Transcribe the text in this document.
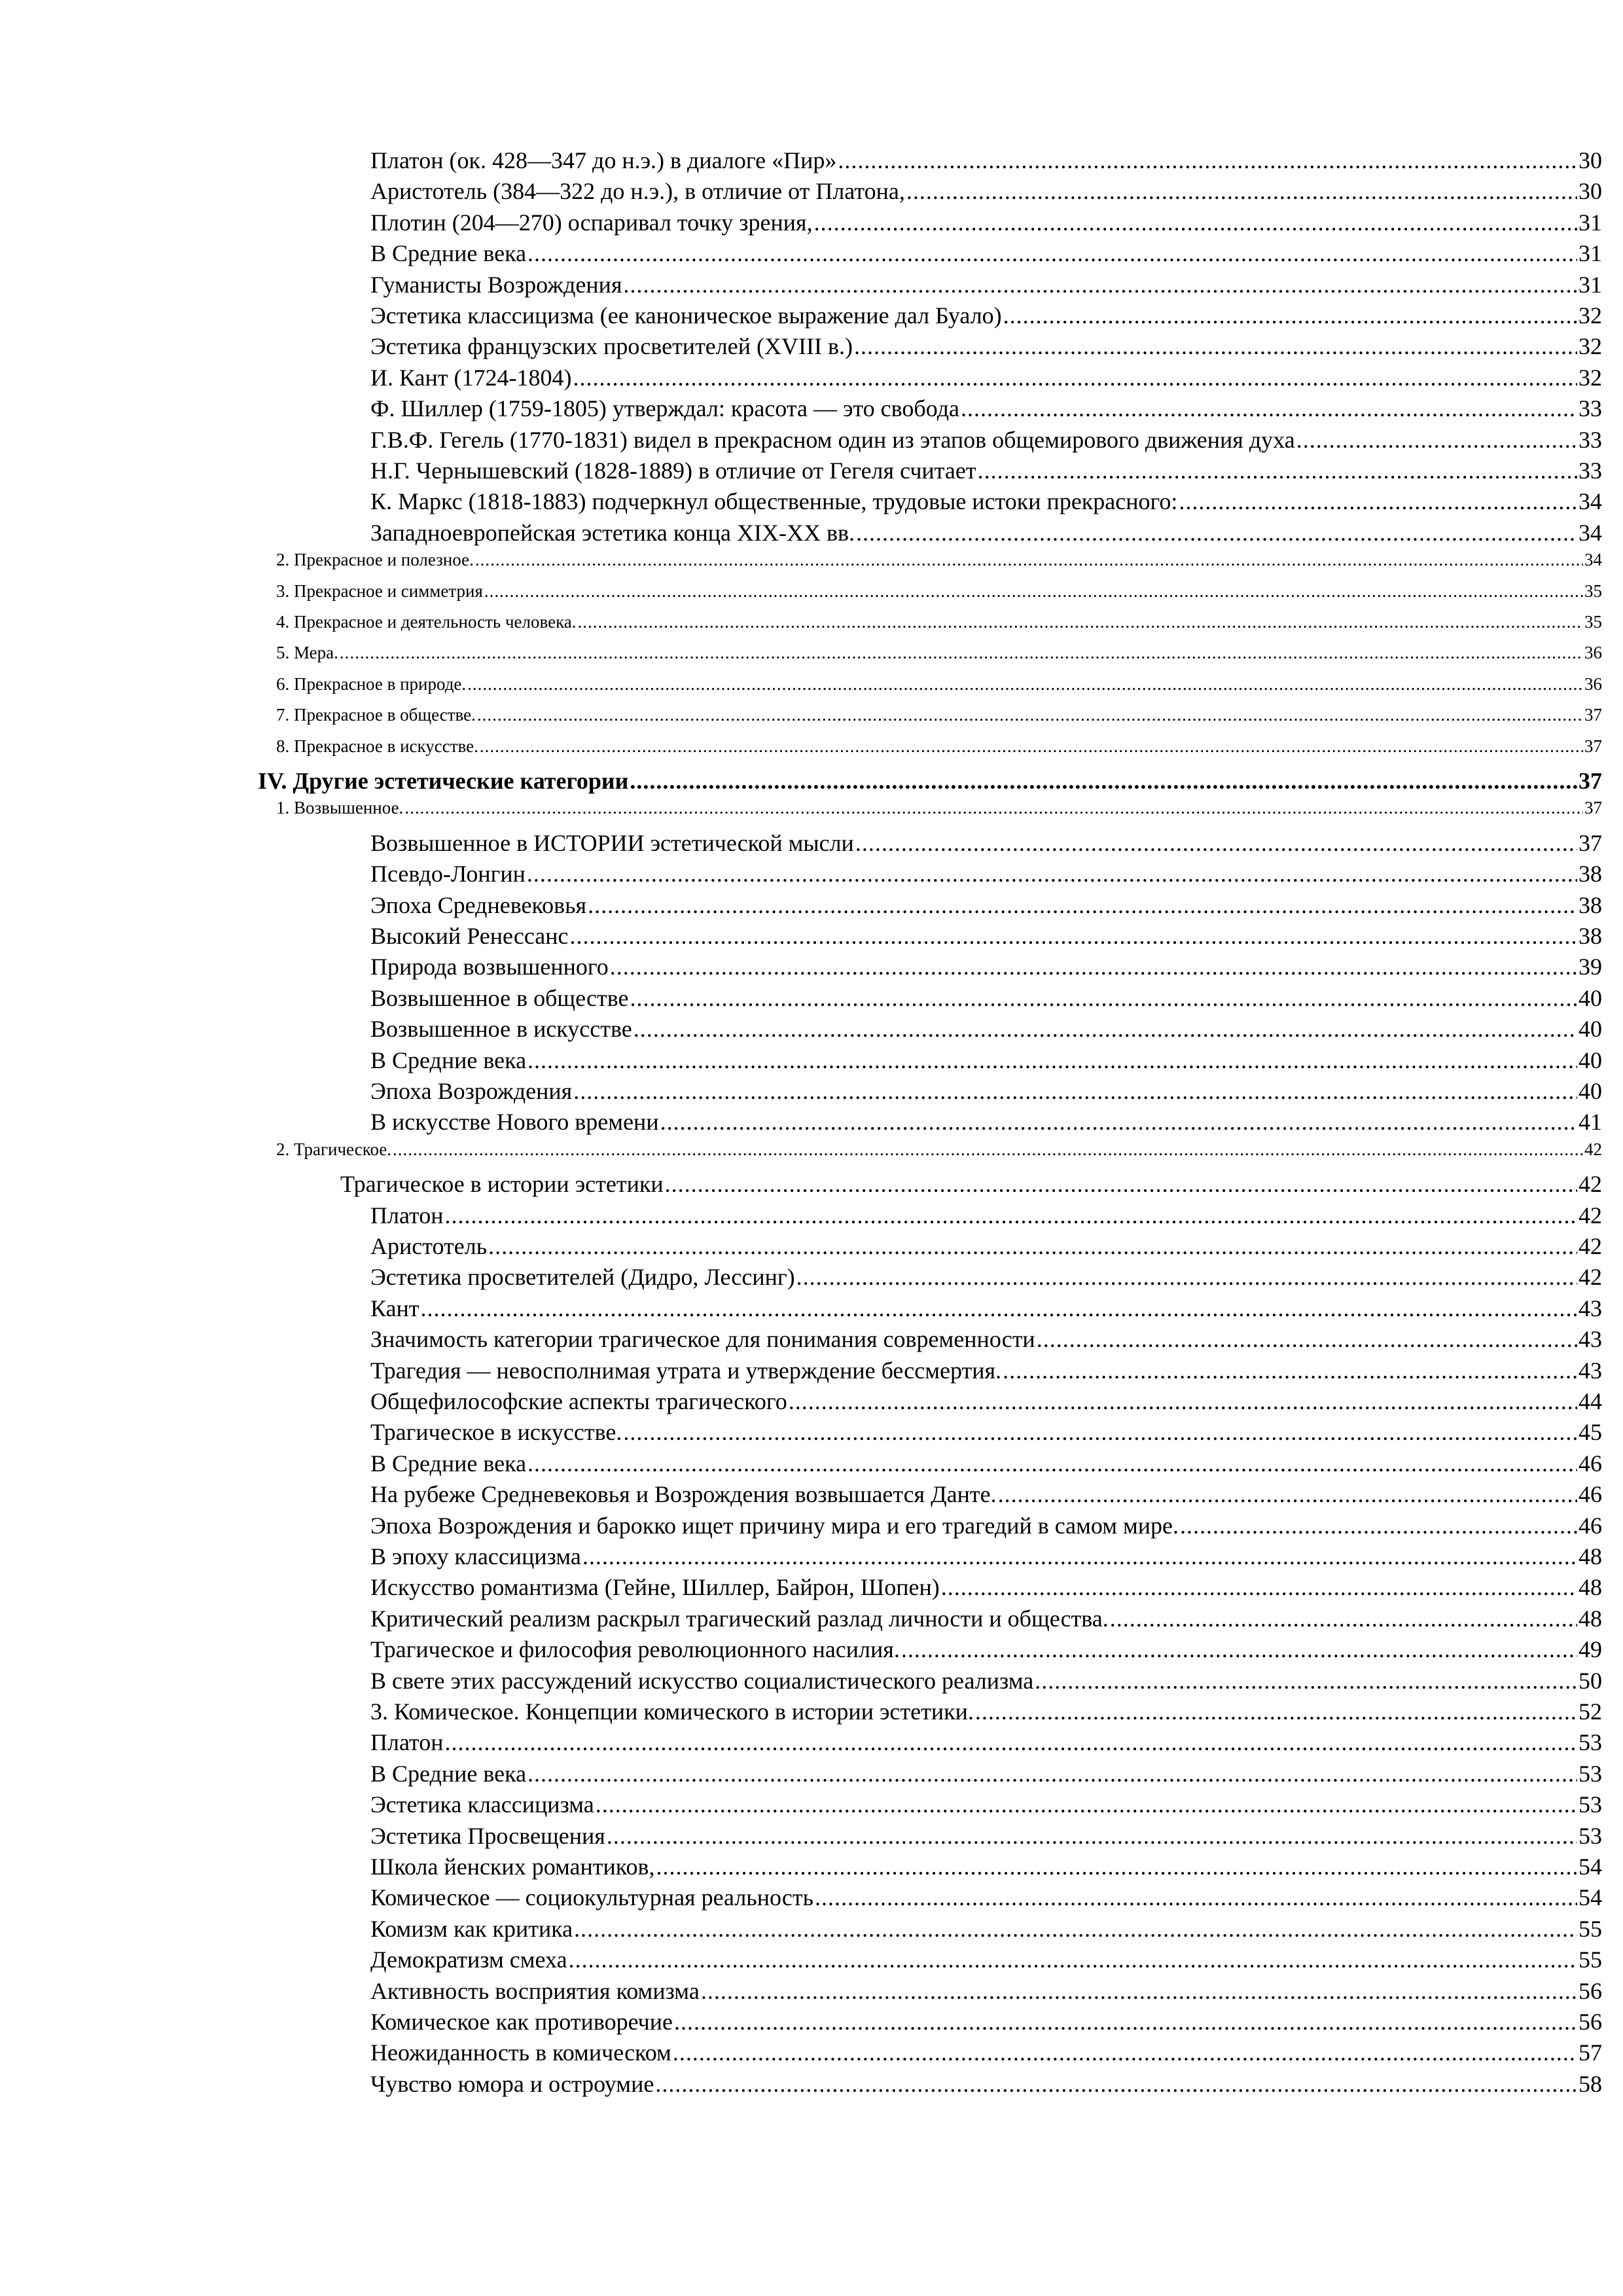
Платон (ок. 428—347 до н.э.) в диалоге «Пир» .....	30
Аристотель (384—322 до н.э.), в отличие от Платона, .....	30
Плотин (204—270) оспаривал точку зрения, .....	31
В Средние века .....	31
Гуманисты Возрождения .....	31
Эстетика классицизма (ее каноническое выражение дал Буало) .....	32
Эстетика французских просветителей (XVIII в.) .....	32
И. Кант (1724-1804) .....	32
Ф. Шиллер (1759-1805) утверждал: красота — это свобода .....	33
Г.В.Ф. Гегель (1770-1831) видел в прекрасном один из этапов общемирового движения духа .....	33
Н.Г. Чернышевский (1828-1889) в отличие от Гегеля считает .....	33
К. Маркс (1818-1883) подчеркнул общественные, трудовые истоки прекрасного: .....	34
Западноевропейская эстетика конца XIX-XX вв. .....	34
2. Прекрасное и полезное. .....	34
3. Прекрасное и симметрия .....	35
4. Прекрасное и деятельность человека. .....	35
5. Мера. .....	36
6. Прекрасное в природе. .....	36
7. Прекрасное в обществе. .....	37
8. Прекрасное в искусстве. .....	37
IV. Другие эстетические категории .....	37
1. Возвышенное. .....	37
Возвышенное в ИСТОРИИ эстетической мысли .....	37
Псевдо-Лонгин .....	38
Эпоха Средневековья .....	38
Высокий Ренессанс .....	38
Природа возвышенного .....	39
Возвышенное в обществе .....	40
Возвышенное в искусстве .....	40
В Средние века .....	40
Эпоха Возрождения .....	40
В искусстве Нового времени .....	41
2. Трагическое. .....	42
Трагическое в истории эстетики .....	42
Платон .....	42
Аристотель .....	42
Эстетика просветителей (Дидро, Лессинг) .....	42
Кант .....	43
Значимость категории трагическое для понимания современности .....	43
Трагедия — невосполнимая утрата и утверждение бессмертия. .....	43
Общефилософские аспекты трагического .....	44
Трагическое в искусстве. .....	45
В Средние века .....	46
На рубеже Средневековья и Возрождения возвышается Данте. .....	46
Эпоха Возрождения и барокко ищет причину мира и его трагедий в самом мире. .....	46
В эпоху классицизма .....	48
Искусство романтизма (Гейне, Шиллер, Байрон, Шопен) .....	48
Критический реализм раскрыл трагический разлад личности и общества. .....	48
Трагическое и философия революционного насилия. .....	49
В свете этих рассуждений искусство социалистического реализма .....	50
3. Комическое. Концепции комического в истории эстетики. .....	52
Платон .....	53
В Средние века .....	53
Эстетика классицизма .....	53
Эстетика Просвещения .....	53
Школа йенских романтиков, .....	54
Комическое — социокультурная реальность .....	54
Комизм как критика .....	55
Демократизм смеха .....	55
Активность восприятия комизма .....	56
Комическое как противоречие .....	56
Неожиданность в комическом .....	57
Чувство юмора и остроумие .....	58
